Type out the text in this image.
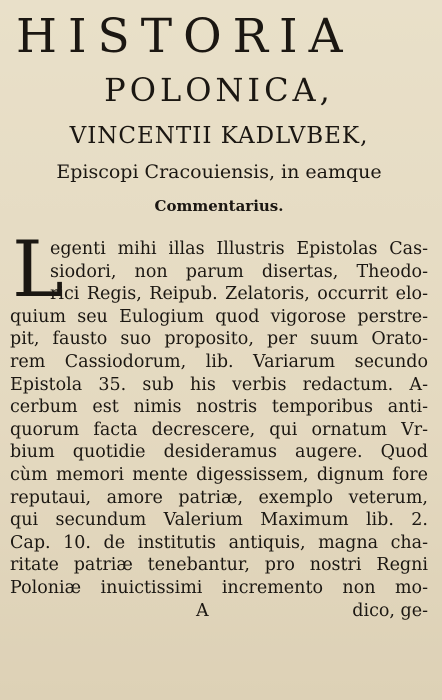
HISTORIA
POLONICA,
VINCENTII KADLVBEK,
Episcopi Cracouiensis, in eamque
Commentarius.
L
egenti mihi illas Illustris Epistolas Cas-
siodori, non parum disertas, Theodo-
rici Regis, Reipub. Zelatoris, occurrit elo-
quium seu Eulogium quod vigorose perstre-
pit, fausto suo proposito, per suum Orato-
rem Cassiodorum, lib. Variarum secundo
Epistola 35. sub his verbis redactum. A-
cerbum est nimis nostris temporibus anti-
quorum facta decrescere, qui ornatum Vr-
bium quotidie desideramus augere. Quod
cùm memori mente digessissem, dignum fore
reputaui, amore patriæ, exemplo veterum,
qui secundum Valerium Maximum lib. 2.
Cap. 10. de institutis antiquis, magna cha-
ritate patriæ tenebantur, pro nostri Regni
Poloniæ inuictissimi incremento non mo-
A	dico, ge-
